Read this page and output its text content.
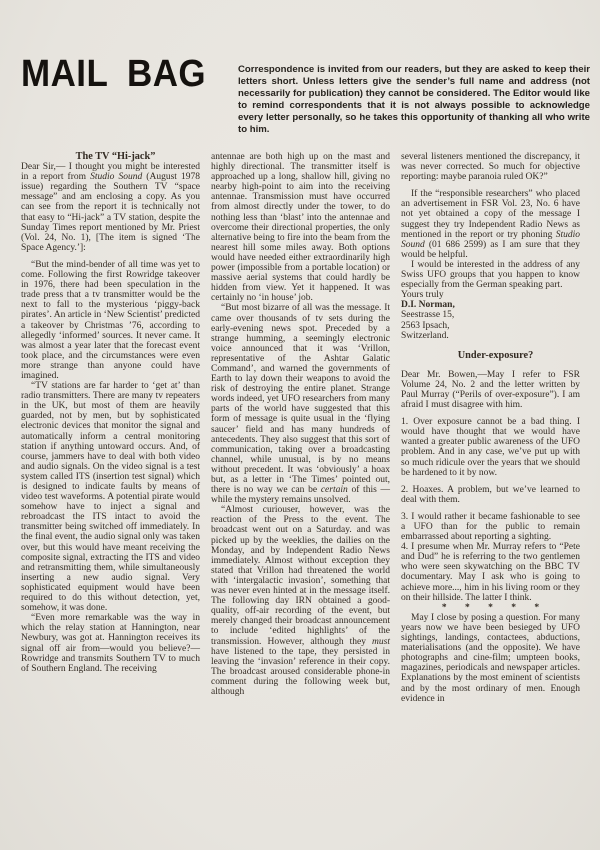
MAIL BAG	Correspondence is invited from our readers, but they are asked to keep their letters short. Unless letters give the sender’s full name and address (not necessarily for publication) they cannot be considered. The Editor would like to remind correspondents that it is not always possible to acknowledge every letter personally, so he takes this opportunity of thanking all who write to him.

The TV “Hi-jack”

Dear Sir,— I thought you might be interested in a report from Studio Sound (August 1978 issue) regarding the Southern TV “space message” and am enclosing a copy. As you can see from the report it is technically not that easy to “Hi-jack” a TV station, despite the Sunday Times report mentioned by Mr. Priest (Vol. 24, No. 1), [The item is signed ‘The Space Agency.’]:

“But the mind-bender of all time was yet to come. Following the first Rowridge takeover in 1976, there had been speculation in the trade press that a tv transmitter would be the next to fall to the mysterious ‘piggy-back pirates’. An article in ‘New Scientist’ predicted a takeover by Christmas ’76, according to allegedly ‘informed’ sources. It never came. It was almost a year later that the forecast event took place, and the circumstances were even more strange than anyone could have imagined.

“TV stations are far harder to ‘get at’ than radio transmitters. There are many tv repeaters in the UK, but most of them are heavily guarded, not by men, but by sophisticated electronic devices that monitor the signal and automatically inform a central monitoring station if anything untoward occurs. And, of course, jammers have to deal with both video and audio signals. On the video signal is a test system called ITS (insertion test signal) which is designed to indicate faults by means of video test waveforms. A potential pirate would somehow have to inject a signal and rebroadcast the ITS intact to avoid the transmitter being switched off immediately. In the final event, the audio signal only was taken over, but this would have meant receiving the composite signal, extracting the ITS and video and retransmitting them, while simultaneously inserting a new audio signal. Very sophisticated equipment would have been required to do this without detection, yet, somehow, it was done.

“Even more remarkable was the way in which the relay station at Hannington, near Newbury, was got at. Hannington receives its signal off air from—would you believe?—Rowridge and transmits Southern TV to much of Southern England. The receiving

antennae are both high up on the mast and highly directional. The transmitter itself is approached up a long, shallow hill, giving no nearby high-point to aim into the receiving antennae. Transmission must have occurred from almost directly under the tower, to do nothing less than ‘blast’ into the antennae and overcome their directional properties, the only alternative being to fire into the beam from the nearest hill some miles away. Both options would have needed either extraordinarily high power (impossible from a portable location) or massive aerial systems that could hardly be hidden from view. Yet it happened. It was certainly no ‘in house’ job.

“But most bizarre of all was the message. It came over thousands of tv sets during the early-evening news spot. Preceded by a strange humming, a seemingly electronic voice announced that it was ‘Vrillon, representative of the Ashtar Galatic Command’, and warned the governments of Earth to lay down their weapons to avoid the risk of destroying the entire planet. Strange words indeed, yet UFO researchers from many parts of the world have suggested that this form of message is quite usual in the ‘flying saucer’ field and has many hundreds of antecedents. They also suggest that this sort of communication, taking over a broadcasting channel, while unusual, is by no means without precedent. It was ‘obviously’ a hoax but, as a letter in ‘The Times’ pointed out, there is no way we can be certain of this — while the mystery remains unsolved.

“Almost curiouser, however, was the reaction of the Press to the event. The broadcast went out on a Saturday. and was picked up by the weeklies, the dailies on the Monday, and by Independent Radio News immediately. Almost without exception they stated that Vrillon had threatened the world with ‘intergalactic invasion’, something that was never even hinted at in the message itself. The following day IRN obtained a good-quality, off-air recording of the event, but merely changed their broadcast announcement to include ‘edited highlights’ of the transmission. However, although they must have listened to the tape, they persisted in leaving the ‘invasion’ reference in their copy. The broadcast aroused considerable phone-in comment during the following week but, although

several listeners mentioned the discrepancy, it was never corrected. So much for objective reporting: maybe paranoia ruled OK?”

If the “responsible researchers” who placed an advertisement in FSR Vol. 23, No. 6 have not yet obtained a copy of the message I suggest they try Independent Radio News as mentioned in the report or try phoning Studio Sound (01 686 2599) as I am sure that they would be helpful.

I would be interested in the address of any Swiss UFO groups that you happen to know especially from the German speaking part.

Yours truly

D.I. Norman,

Seestrasse 15,

2563 Ipsach,

Switzerland.

Under-exposure?

Dear Mr. Bowen,—May I refer to FSR Volume 24, No. 2 and the letter written by Paul Murray (“Perils of over-exposure”). I am afraid I must disagree with him.

1. Over exposure cannot be a bad thing. I would have thought that we would have wanted a greater public awareness of the UFO problem. And in any case, we’ve put up with so much ridicule over the years that we should be hardened to it by now.

2. Hoaxes. A problem, but we’ve learned to deal with them.

3. I would rather it became fashionable to see a UFO than for the public to remain embarrassed about reporting a sighting.

4. I presume when Mr. Murray refers to “Pete and Dud” he is referring to the two gentlemen who were seen skywatching on the BBC TV documentary. May I ask who is going to achieve more..., him in his living room or they on their hillside. The latter I think.

* * * * *

May I close by posing a question. For many years now we have been besieged by UFO sightings, landings, contactees, abductions, materialisations (and the opposite). We have photographs and cine-film; umpteen books, magazines, periodicals and newspaper articles. Explanations by the most eminent of scientists and by the most ordinary of men. Enough evidence in
